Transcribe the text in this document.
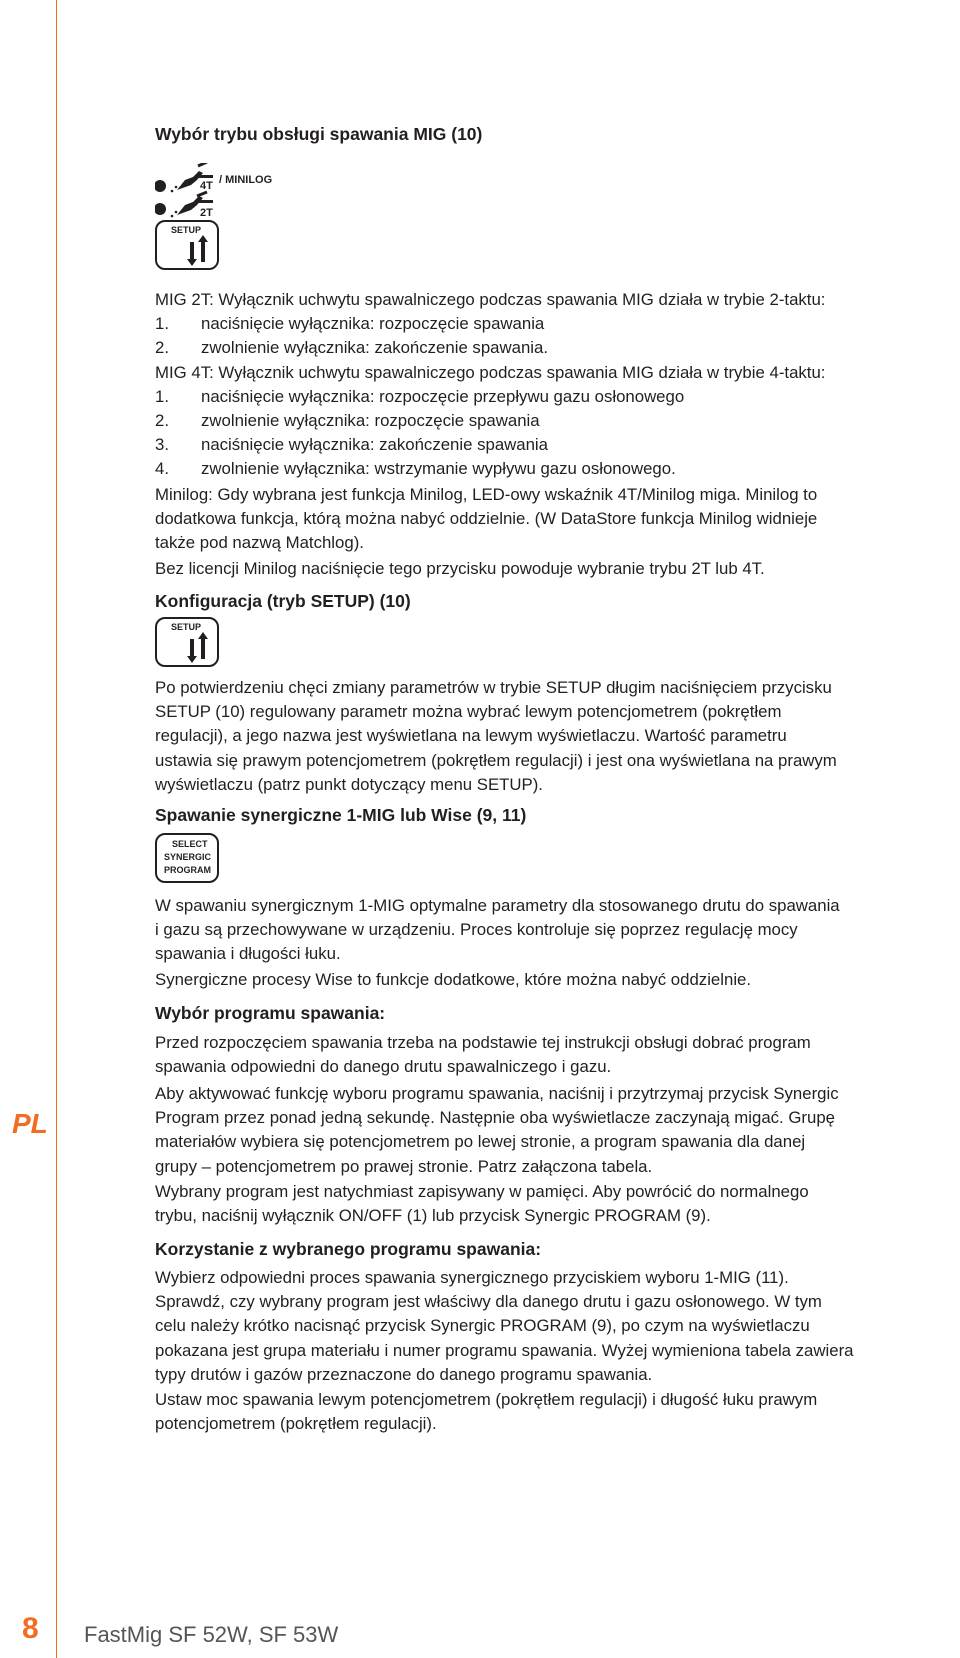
PL
Wybór trybu obsługi spawania MIG (10)
4T / MINILOG
2T
SETUP

MIG 2T: Wyłącznik uchwytu spawalniczego podczas spawania MIG działa w trybie 2-taktu:

1. naciśnięcie wyłącznika: rozpoczęcie spawania

2. zwolnienie wyłącznika: zakończenie spawania.

MIG 4T: Wyłącznik uchwytu spawalniczego podczas spawania MIG działa w trybie 4-taktu:

1. naciśnięcie wyłącznika: rozpoczęcie przepływu gazu osłonowego

2. zwolnienie wyłącznika: rozpoczęcie spawania

3. naciśnięcie wyłącznika: zakończenie spawania

4. zwolnienie wyłącznika: wstrzymanie wypływu gazu osłonowego.

Minilog: Gdy wybrana jest funkcja Minilog, LED-owy wskaźnik 4T/Minilog miga. Minilog to

dodatkowa funkcja, którą można nabyć oddzielnie. (W DataStore funkcja Minilog widnieje

także pod nazwą Matchlog).

Bez licencji Minilog naciśnięcie tego przycisku powoduje wybranie trybu 2T lub 4T.

Konfiguracja (tryb SETUP) (10)
SETUP

Po potwierdzeniu chęci zmiany parametrów w trybie SETUP długim naciśnięciem przycisku

SETUP (10) regulowany parametr można wybrać lewym potencjometrem (pokrętłem

regulacji), a jego nazwa jest wyświetlana na lewym wyświetlaczu. Wartość parametru

ustawia się prawym potencjometrem (pokrętłem regulacji) i jest ona wyświetlana na prawym

wyświetlaczu (patrz punkt dotyczący menu SETUP).

Spawanie synergiczne 1-MIG lub Wise (9, 11)
SELECT
SYNERGIC
PROGRAM

W spawaniu synergicznym 1-MIG optymalne parametry dla stosowanego drutu do spawania

i gazu są przechowywane w urządzeniu. Proces kontroluje się poprzez regulację mocy

spawania i długości łuku.

Synergiczne procesy Wise to funkcje dodatkowe, które można nabyć oddzielnie.

Wybór programu spawania:

Przed rozpoczęciem spawania trzeba na podstawie tej instrukcji obsługi dobrać program

spawania odpowiedni do danego drutu spawalniczego i gazu.

Aby aktywować funkcję wyboru programu spawania, naciśnij i przytrzymaj przycisk Synergic

Program przez ponad jedną sekundę. Następnie oba wyświetlacze zaczynają migać. Grupę

materiałów wybiera się potencjometrem po lewej stronie, a program spawania dla danej

grupy – potencjometrem po prawej stronie. Patrz załączona tabela.

Wybrany program jest natychmiast zapisywany w pamięci. Aby powrócić do normalnego

trybu, naciśnij wyłącznik ON/OFF (1) lub przycisk Synergic PROGRAM (9).

Korzystanie z wybranego programu spawania:

Wybierz odpowiedni proces spawania synergicznego przyciskiem wyboru 1-MIG (11).

Sprawdź, czy wybrany program jest właściwy dla danego drutu i gazu osłonowego. W tym

celu należy krótko nacisnąć przycisk Synergic PROGRAM (9), po czym na wyświetlaczu

pokazana jest grupa materiału i numer programu spawania. Wyżej wymieniona tabela zawiera

typy drutów i gazów przeznaczone do danego programu spawania.

Ustaw moc spawania lewym potencjometrem (pokrętłem regulacji) i długość łuku prawym

potencjometrem (pokrętłem regulacji).

8 FastMig SF 52W, SF 53W
